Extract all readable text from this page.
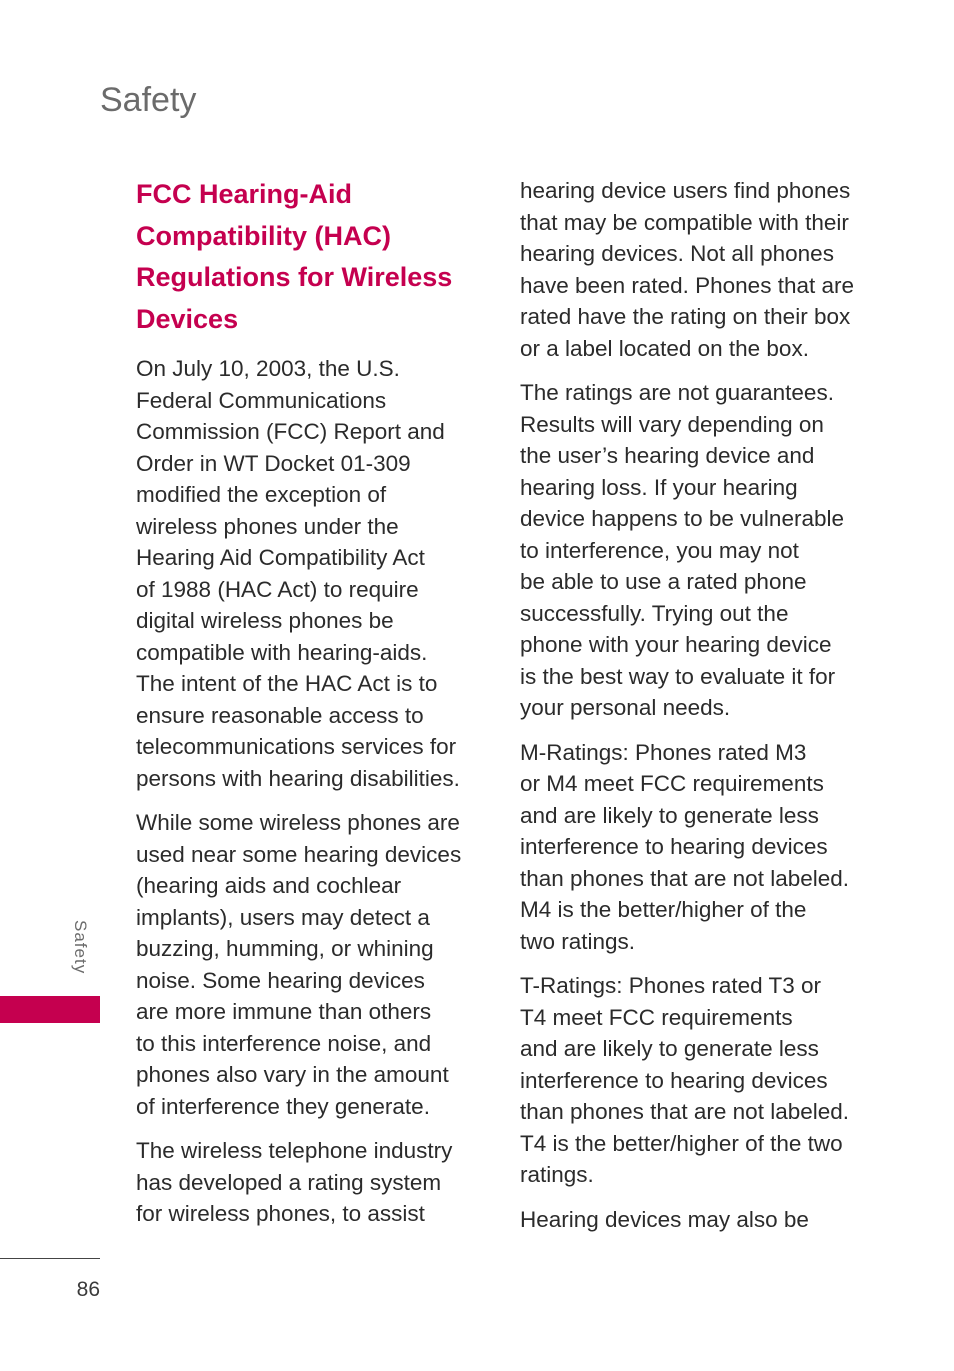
Safety
FCC Hearing-Aid
Compatibility (HAC)
Regulations for Wireless
Devices

On July 10, 2003, the U.S.
Federal Communications
Commission (FCC) Report and
Order in WT Docket 01-309
modified the exception of
wireless phones under the
Hearing Aid Compatibility Act
of 1988 (HAC Act) to require
digital wireless phones be
compatible with hearing-aids.
The intent of the HAC Act is to
ensure reasonable access to
telecommunications services for
persons with hearing disabilities.

While some wireless phones are
used near some hearing devices
(hearing aids and cochlear
implants), users may detect a
buzzing, humming, or whining
noise. Some hearing devices
are more immune than others
to this interference noise, and
phones also vary in the amount
of interference they generate.

The wireless telephone industry
has developed a rating system
for wireless phones, to assist

hearing device users find phones
that may be compatible with their
hearing devices. Not all phones
have been rated. Phones that are
rated have the rating on their box
or a label located on the box.

The ratings are not guarantees.
Results will vary depending on
the user’s hearing device and
hearing loss. If your hearing
device happens to be vulnerable
to interference, you may not
be able to use a rated phone
successfully. Trying out the
phone with your hearing device
is the best way to evaluate it for
your personal needs.

M-Ratings: Phones rated M3
or M4 meet FCC requirements
and are likely to generate less
interference to hearing devices
than phones that are not labeled.
M4 is the better/higher of the
two ratings.

T-Ratings: Phones rated T3 or
T4 meet FCC requirements
and are likely to generate less
interference to hearing devices
than phones that are not labeled.
T4 is the better/higher of the two
ratings.

Hearing devices may also be

Safety
86
